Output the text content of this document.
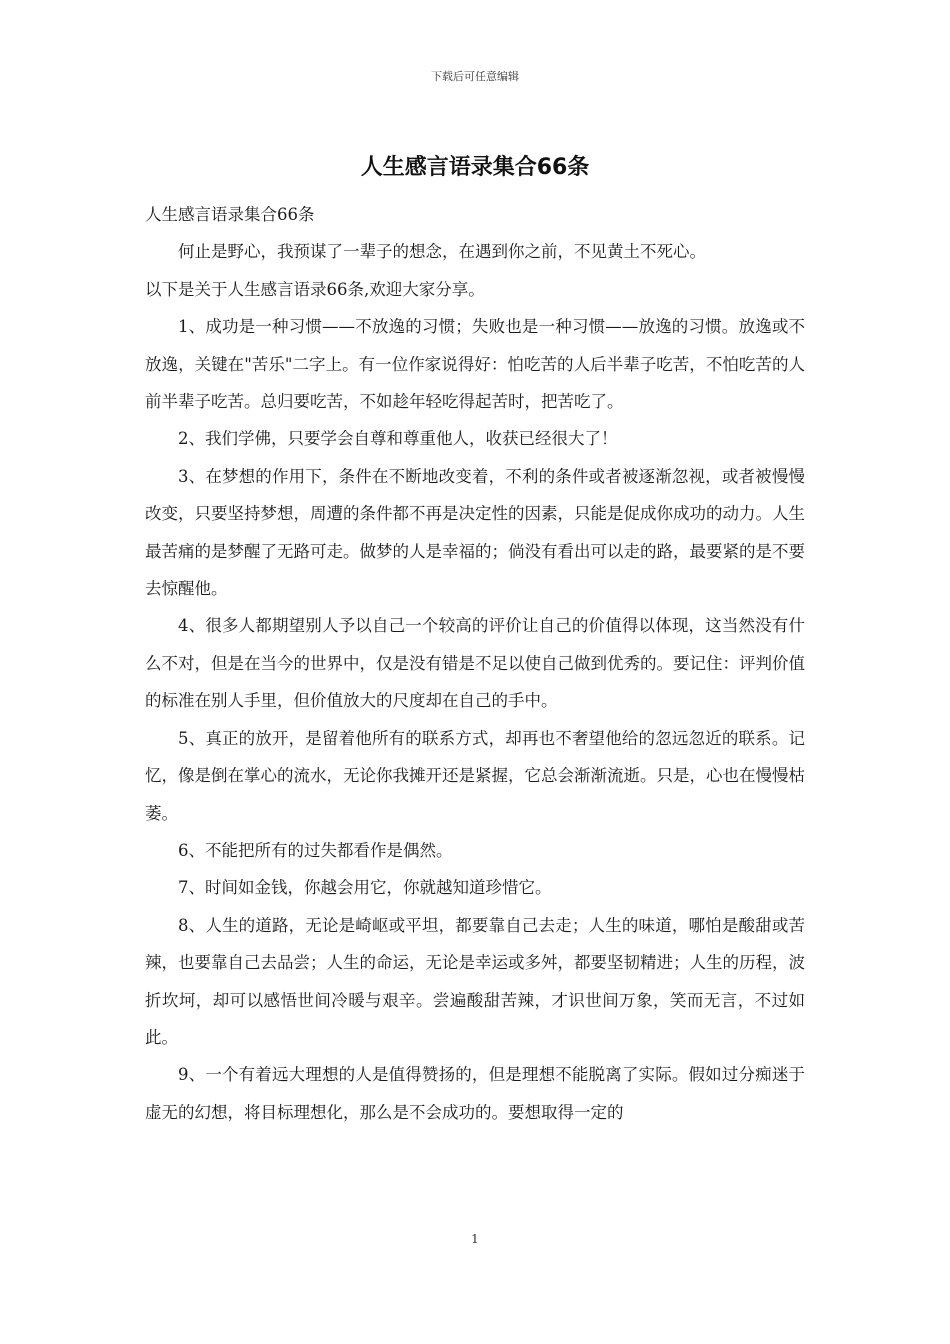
下载后可任意编辑
人生感言语录集合66条

人生感言语录集合66条

何止是野心，我预谋了一辈子的想念，在遇到你之前，不见黄土不死心。

以下是关于人生感言语录66条,欢迎大家分享。

1、成功是一种习惯——不放逸的习惯；失败也是一种习惯——放逸的习惯。放逸或不放逸，关键在"苦乐"二字上。有一位作家说得好：怕吃苦的人后半辈子吃苦，不怕吃苦的人前半辈子吃苦。总归要吃苦，不如趁年轻吃得起苦时，把苦吃了。

2、我们学佛，只要学会自尊和尊重他人，收获已经很大了！

3、在梦想的作用下，条件在不断地改变着，不利的条件或者被逐渐忽视，或者被慢慢改变，只要坚持梦想，周遭的条件都不再是决定性的因素，只能是促成你成功的动力。人生最苦痛的是梦醒了无路可走。做梦的人是幸福的；倘没有看出可以走的路，最要紧的是不要去惊醒他。

4、很多人都期望别人予以自己一个较高的评价让自己的价值得以体现，这当然没有什么不对，但是在当今的世界中，仅是没有错是不足以使自己做到优秀的。要记住：评判价值的标准在别人手里，但价值放大的尺度却在自己的手中。

5、真正的放开，是留着他所有的联系方式，却再也不奢望他给的忽远忽近的联系。记忆，像是倒在掌心的流水，无论你我摊开还是紧握，它总会渐渐流逝。只是，心也在慢慢枯萎。

6、不能把所有的过失都看作是偶然。

7、时间如金钱，你越会用它，你就越知道珍惜它。

8、人生的道路，无论是崎岖或平坦，都要靠自己去走；人生的味道，哪怕是酸甜或苦辣，也要靠自己去品尝；人生的命运，无论是幸运或多舛，都要坚韧精进；人生的历程，波折坎坷，却可以感悟世间冷暖与艰辛。尝遍酸甜苦辣，才识世间万象，笑而无言，不过如此。

9、一个有着远大理想的人是值得赞扬的，但是理想不能脱离了实际。假如过分痴迷于虚无的幻想，将目标理想化，那么是不会成功的。要想取得一定的

1
